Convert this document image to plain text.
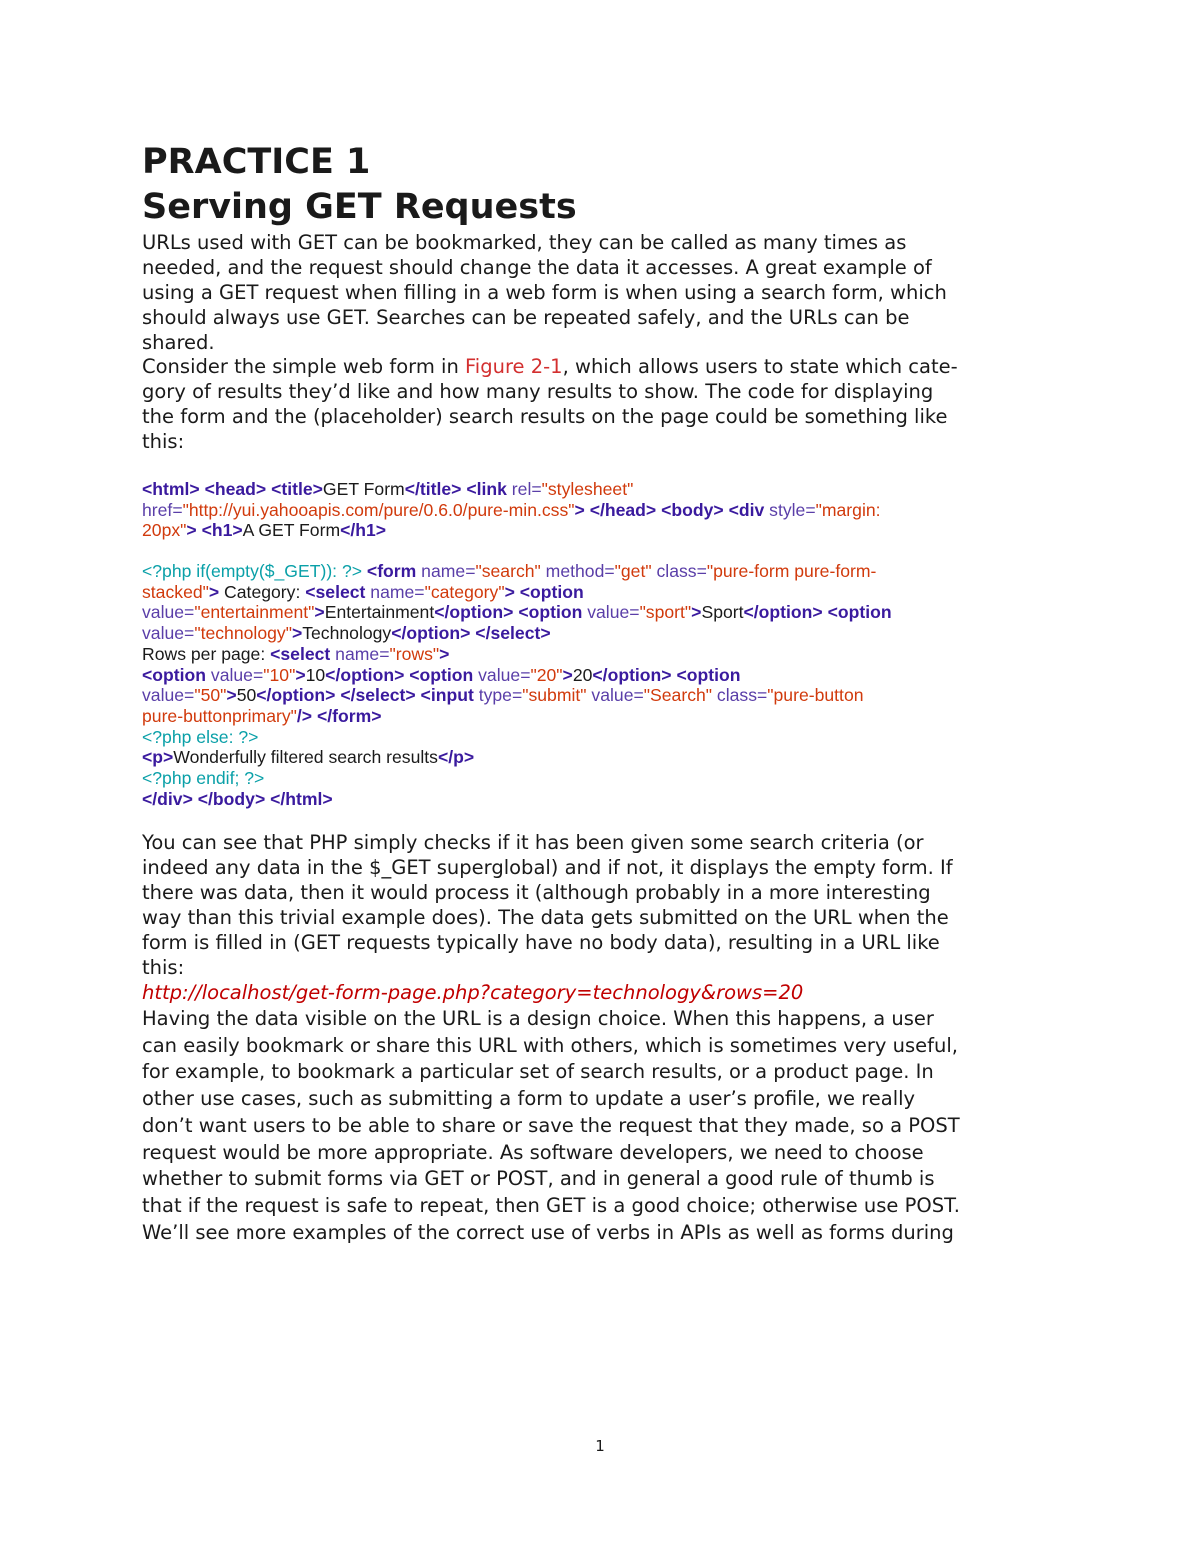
PRACTICE 1
Serving GET Requests
URLs used with GET can be bookmarked, they can be called as many times as
needed, and the request should change the data it accesses. A great example of
using a GET request when filling in a web form is when using a search form, which
should always use GET. Searches can be repeated safely, and the URLs can be
shared.
Consider the simple web form in Figure 2-1, which allows users to state which cate-
gory of results they’d like and how many results to show. The code for displaying
the form and the (placeholder) search results on the page could be something like
this:
<html> <head> <title>GET Form</title> <link rel="stylesheet"
href="http://yui.yahooapis.com/pure/0.6.0/pure-min.css"> </head> <body> <div style="margin:
20px"> <h1>A GET Form</h1>
<?php if(empty($_GET)): ?> <form name="search" method="get" class="pure-form pure-form-
stacked"> Category: <select name="category"> <option
value="entertainment">Entertainment</option> <option value="sport">Sport</option> <option
value="technology">Technology</option> </select>
Rows per page: <select name="rows">
<option value="10">10</option> <option value="20">20</option> <option
value="50">50</option> </select> <input type="submit" value="Search" class="pure-button
pure-buttonprimary"/> </form>
<?php else: ?>
<p>Wonderfully filtered search results</p>
<?php endif; ?>
</div> </body> </html>
You can see that PHP simply checks if it has been given some search criteria (or
indeed any data in the $_GET superglobal) and if not, it displays the empty form. If
there was data, then it would process it (although probably in a more interesting
way than this trivial example does). The data gets submitted on the URL when the
form is filled in (GET requests typically have no body data), resulting in a URL like
this:
http://localhost/get-form-page.php?category=technology&rows=20
Having the data visible on the URL is a design choice. When this happens, a user
can easily bookmark or share this URL with others, which is sometimes very useful,
for example, to bookmark a particular set of search results, or a product page. In
other use cases, such as submitting a form to update a user’s profile, we really
don’t want users to be able to share or save the request that they made, so a POST
request would be more appropriate. As software developers, we need to choose
whether to submit forms via GET or POST, and in general a good rule of thumb is
that if the request is safe to repeat, then GET is a good choice; otherwise use POST.
We’ll see more examples of the correct use of verbs in APIs as well as forms during
1
